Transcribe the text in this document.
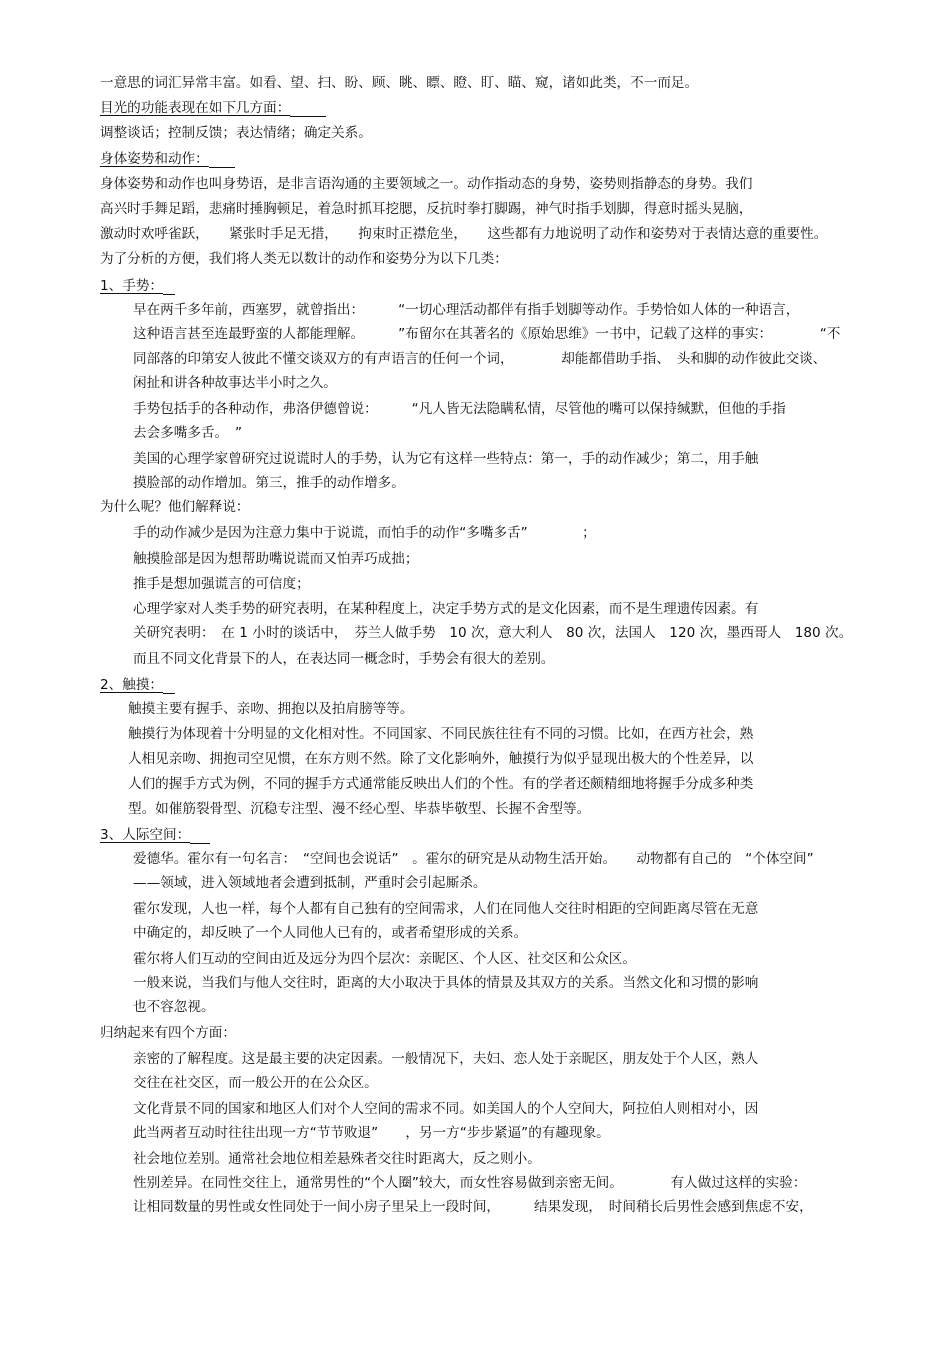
一意思的词汇异常丰富。如看、望、扫、盼、顾、眺、瞟、瞪、盯、瞄、窥，诸如此类，不一而足。
目光的功能表现在如下几方面：
调整谈话；控制反馈；表达情绪；确定关系。
身体姿势和动作：
身体姿势和动作也叫身势语，是非言语沟通的主要领域之一。动作指动态的身势，姿势则指静态的身势。我们
高兴时手舞足蹈，悲痛时捶胸顿足，着急时抓耳挖腮，反抗时拳打脚踢，神气时指手划脚，得意时摇头晃脑，
激动时欢呼雀跃，　　紧张时手足无措，　　拘束时正襟危坐，　　这些都有力地说明了动作和姿势对于表情达意的重要性。
为了分析的方便，我们将人类无以数计的动作和姿势分为以下几类：
1、手势：
早在两千多年前，西塞罗，就曾指出：　　　“一切心理活动都伴有指手划脚等动作。手势恰如人体的一种语言，
这种语言甚至连最野蛮的人都能理解。　　　”布留尔在其著名的《原始思维》一书中，记载了这样的事实：　　　　“不
同部落的印第安人彼此不懂交谈双方的有声语言的任何一个词，　　　　却能都借助手指、　头和脚的动作彼此交谈、
闲扯和讲各种故事达半小时之久。
手势包括手的各种动作，弗洛伊德曾说：　　　“凡人皆无法隐瞒私情，尽管他的嘴可以保持缄默，但他的手指
去会多嘴多舌。　”
美国的心理学家曾研究过说谎时人的手势，认为它有这样一些特点：第一，手的动作减少；第二，用手触
摸脸部的动作增加。第三，推手的动作增多。
为什么呢？他们解释说：
手的动作减少是因为注意力集中于说谎，而怕手的动作“多嘴多舌”　　　　；
触摸脸部是因为想帮助嘴说谎而又怕弄巧成拙；
推手是想加强谎言的可信度；
心理学家对人类手势的研究表明，在某种程度上，决定手势方式的是文化因素，而不是生理遗传因素。有
关研究表明：　在 1 小时的谈话中，　芬兰人做手势　10 次，意大利人　80 次，法国人　120 次，墨西哥人　180 次。
而且不同文化背景下的人，在表达同一概念时，手势会有很大的差别。
2、触摸：
触摸主要有握手、亲吻、拥抱以及拍肩膀等等。
触摸行为体现着十分明显的文化相对性。不同国家、不同民族往往有不同的习惯。比如，在西方社会，熟
人相见亲吻、拥抱司空见惯，在东方则不然。除了文化影响外，触摸行为似乎显现出极大的个性差异，以
人们的握手方式为例，不同的握手方式通常能反映出人们的个性。有的学者还颇精细地将握手分成多种类
型。如催筋裂骨型、沉稳专注型、漫不经心型、毕恭毕敬型、长握不舍型等。
3、人际空间：
爱德华。霍尔有一句名言：　“空间也会说话”　。霍尔的研究是从动物生活开始。　　动物都有自己的　“个体空间”
——领域，进入领域地者会遭到抵制，严重时会引起厮杀。
霍尔发现，人也一样，每个人都有自己独有的空间需求，人们在同他人交往时相距的空间距离尽管在无意
中确定的，却反映了一个人同他人已有的，或者希望形成的关系。
霍尔将人们互动的空间由近及远分为四个层次：亲昵区、个人区、社交区和公众区。
一般来说，当我们与他人交往时，距离的大小取决于具体的情景及其双方的关系。当然文化和习惯的影响
也不容忽视。
归纳起来有四个方面：
亲密的了解程度。这是最主要的决定因素。一般情况下，夫妇、恋人处于亲昵区，朋友处于个人区，熟人
交往在社交区，而一般公开的在公众区。
文化背景不同的国家和地区人们对个人空间的需求不同。如美国人的个人空间大，阿拉伯人则相对小，因
此当两者互动时往往出现一方“节节败退”　　，另一方“步步紧逼”的有趣现象。
社会地位差别。通常社会地位相差悬殊者交往时距离大，反之则小。
性别差异。在同性交往上，通常男性的“个人圈”较大，而女性容易做到亲密无间。　　　　有人做过这样的实验：
让相同数量的男性或女性同处于一间小房子里呆上一段时间，　　　结果发现，　时间稍长后男性会感到焦虑不安，
